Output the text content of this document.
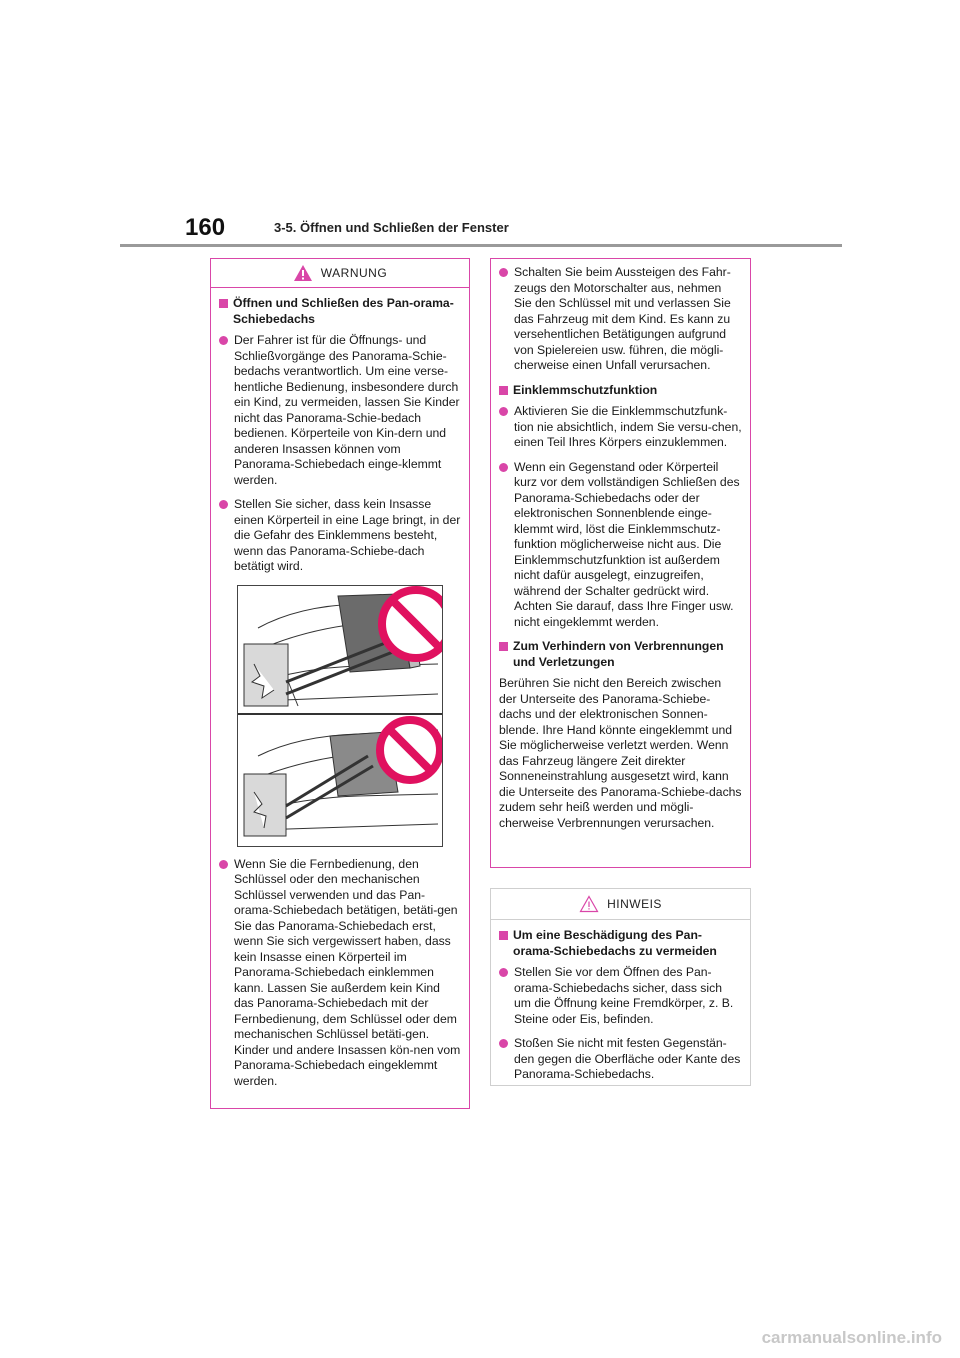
160	3-5. Öffnen und Schließen der Fenster
WARNUNG
Öffnen und Schließen des Pan-orama-Schiebedachs
Der Fahrer ist für die Öffnungs- und Schließvorgänge des Panorama-Schie-bedachs verantwortlich. Um eine verse-hentliche Bedienung, insbesondere durch ein Kind, zu vermeiden, lassen Sie Kinder nicht das Panorama-Schie-bedach bedienen. Körperteile von Kin-dern und anderen Insassen können vom Panorama-Schiebedach einge-klemmt werden.
Stellen Sie sicher, dass kein Insasse einen Körperteil in eine Lage bringt, in der die Gefahr des Einklemmens besteht, wenn das Panorama-Schiebe-dach betätigt wird.
Wenn Sie die Fernbedienung, den Schlüssel oder den mechanischen Schlüssel verwenden und das Pan-orama-Schiebedach betätigen, betäti-gen Sie das Panorama-Schiebedach erst, wenn Sie sich vergewissert haben, dass kein Insasse einen Körperteil im Panorama-Schiebedach einklemmen kann. Lassen Sie außerdem kein Kind das Panorama-Schiebedach mit der Fernbedienung, dem Schlüssel oder dem mechanischen Schlüssel betäti-gen. Kinder und andere Insassen kön-nen vom Panorama-Schiebedach eingeklemmt werden.
Schalten Sie beim Aussteigen des Fahr-zeugs den Motorschalter aus, nehmen Sie den Schlüssel mit und verlassen Sie das Fahrzeug mit dem Kind. Es kann zu versehentlichen Betätigungen aufgrund von Spielereien usw. führen, die mögli-cherweise einen Unfall verursachen.
Einklemmschutzfunktion
Aktivieren Sie die Einklemmschutzfunk-tion nie absichtlich, indem Sie versu-chen, einen Teil Ihres Körpers einzuklemmen.
Wenn ein Gegenstand oder Körperteil kurz vor dem vollständigen Schließen des Panorama-Schiebedachs oder der elektronischen Sonnenblende einge-klemmt wird, löst die Einklemmschutz-funktion möglicherweise nicht aus. Die Einklemmschutzfunktion ist außerdem nicht dafür ausgelegt, einzugreifen, während der Schalter gedrückt wird. Achten Sie darauf, dass Ihre Finger usw. nicht eingeklemmt werden.
Zum Verhindern von Verbrennungen und Verletzungen

Berühren Sie nicht den Bereich zwischen der Unterseite des Panorama-Schiebe-dachs und der elektronischen Sonnen-blende. Ihre Hand könnte eingeklemmt und Sie möglicherweise verletzt werden. Wenn das Fahrzeug längere Zeit direkter Sonneneinstrahlung ausgesetzt wird, kann die Unterseite des Panorama-Schiebe-dachs zudem sehr heiß werden und mögli-cherweise Verbrennungen verursachen.

HINWEIS
Um eine Beschädigung des Pan-orama-Schiebedachs zu vermeiden
Stellen Sie vor dem Öffnen des Pan-orama-Schiebedachs sicher, dass sich um die Öffnung keine Fremdkörper, z. B. Steine oder Eis, befinden.
Stoßen Sie nicht mit festen Gegenstän-den gegen die Oberfläche oder Kante des Panorama-Schiebedachs.
carmanualsonline.info
